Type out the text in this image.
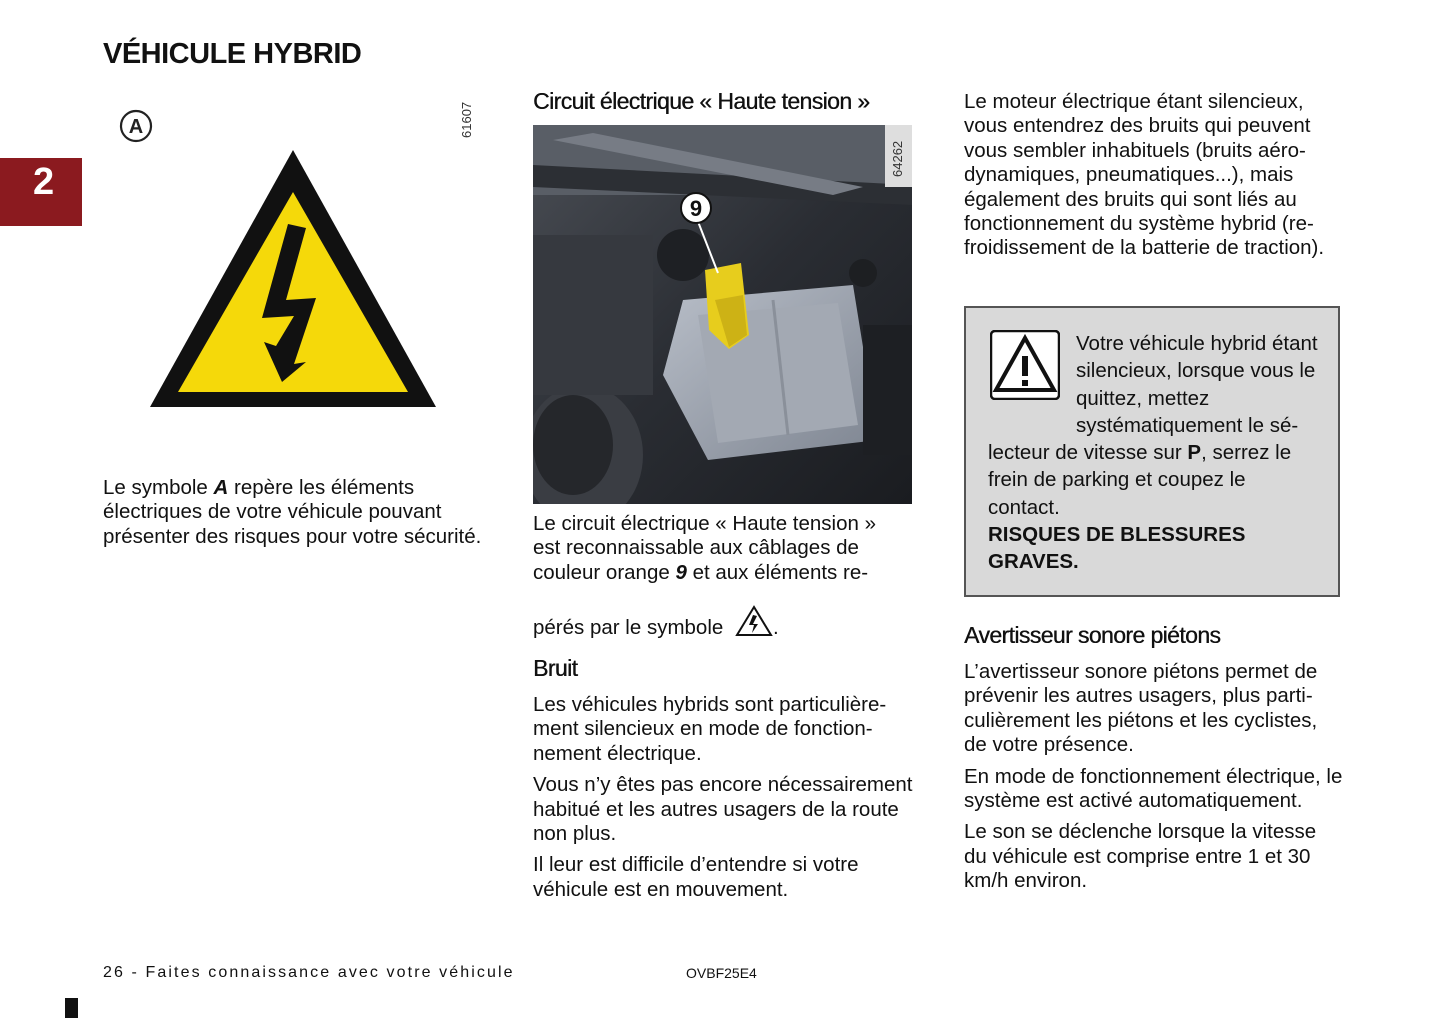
VÉHICULE HYBRID
2
A	61607

Le symbole A repère les éléments électriques de votre véhicule pouvant présenter des risques pour votre sécurité.

Circuit électrique « Haute tension »
9
64262

Le circuit électrique « Haute tension » est reconnaissable aux câblages de couleur orange 9 et aux éléments repérés par le symbole .

Bruit

Les véhicules hybrids sont particulièrement silencieux en mode de fonctionnement électrique.

Vous n’y êtes pas encore nécessairement habitué et les autres usagers de la route non plus.

Il leur est difficile d’entendre si votre véhicule est en mouvement.

Le moteur électrique étant silencieux, vous entendrez des bruits qui peuvent vous sembler inhabituels (bruits aérodynamiques, pneumatiques...), mais également des bruits qui sont liés au fonctionnement du système hybrid (refroidissement de la batterie de traction).

Votre véhicule hybrid étant silencieux, lorsque vous le quittez, mettez systématiquement le sélecteur de vitesse sur P, serrez le frein de parking et coupez le contact.
RISQUES DE BLESSURES GRAVES.
Avertisseur sonore piétons

L’avertisseur sonore piétons permet de prévenir les autres usagers, plus particulièrement les piétons et les cyclistes, de votre présence.

En mode de fonctionnement électrique, le système est activé automatiquement.

Le son se déclenche lorsque la vitesse du véhicule est comprise entre 1 et 30 km/h environ.

26 - Faites connaissance avec votre véhicule	OVBF25E4
